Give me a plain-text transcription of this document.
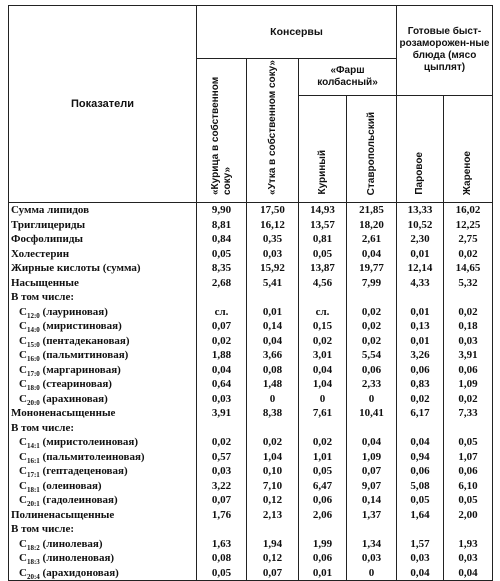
Показатели	Консервы				Готовые быст-розаморожен-ные блюда (мясо цыплят)	
	«Курица в собственном соку»	«Утка в собственном соку»	«Фарш колбасный»			
			Куриный	Ставропольский	Паровое	Жареное
Сумма липидов	9,90	17,50	14,93	21,85	13,33	16,02
Триглицериды	8,81	16,12	13,57	18,20	10,52	12,25
Фосфолипиды	0,84	0,35	0,81	2,61	2,30	2,75
Холестерин	0,05	0,03	0,05	0,04	0,01	0,02
Жирные кислоты (сумма)	8,35	15,92	13,87	19,77	12,14	14,65
Насыщенные	2,68	5,41	4,56	7,99	4,33	5,32
В том числе:						
$C_{12:0}$ (лауриновая)	сл.	0,01	сл.	0,02	0,01	0,02
$C_{14:0}$ (миристиновая)	0,07	0,14	0,15	0,02	0,13	0,18
$C_{15:0}$ (пентадекановая)	0,02	0,04	0,02	0,02	0,01	0,03
$C_{16:0}$ (пальмитиновая)	1,88	3,66	3,01	5,54	3,26	3,91
$C_{17:0}$ (маргариновая)	0,04	0,08	0,04	0,06	0,06	0,06
$C_{18:0}$ (стеариновая)	0,64	1,48	1,04	2,33	0,83	1,09
$C_{20:0}$ (арахиновая)	0,03	0	0	0	0,02	0,02
Мононенасыщенные	3,91	8,38	7,61	10,41	6,17	7,33
В том числе:						
$C_{14:1}$ (миристолеиновая)	0,02	0,02	0,02	0,04	0,04	0,05
$C_{16:1}$ (пальмитолеиновая)	0,57	1,04	1,01	1,09	0,94	1,07
$C_{17:1}$ (гептадеценовая)	0,03	0,10	0,05	0,07	0,06	0,06
$C_{18:1}$ (олеиновая)	3,22	7,10	6,47	9,07	5,08	6,10
$C_{20:1}$ (гадолеиновая)	0,07	0,12	0,06	0,14	0,05	0,05
Полиненасыщенные	1,76	2,13	2,06	1,37	1,64	2,00
В том числе:						
$C_{18:2}$ (линолевая)	1,63	1,94	1,99	1,34	1,57	1,93
$C_{18:3}$ (линоленовая)	0,08	0,12	0,06	0,03	0,03	0,03
$C_{20:4}$ (арахидоновая)	0,05	0,07	0,01	0	0,04	0,04
